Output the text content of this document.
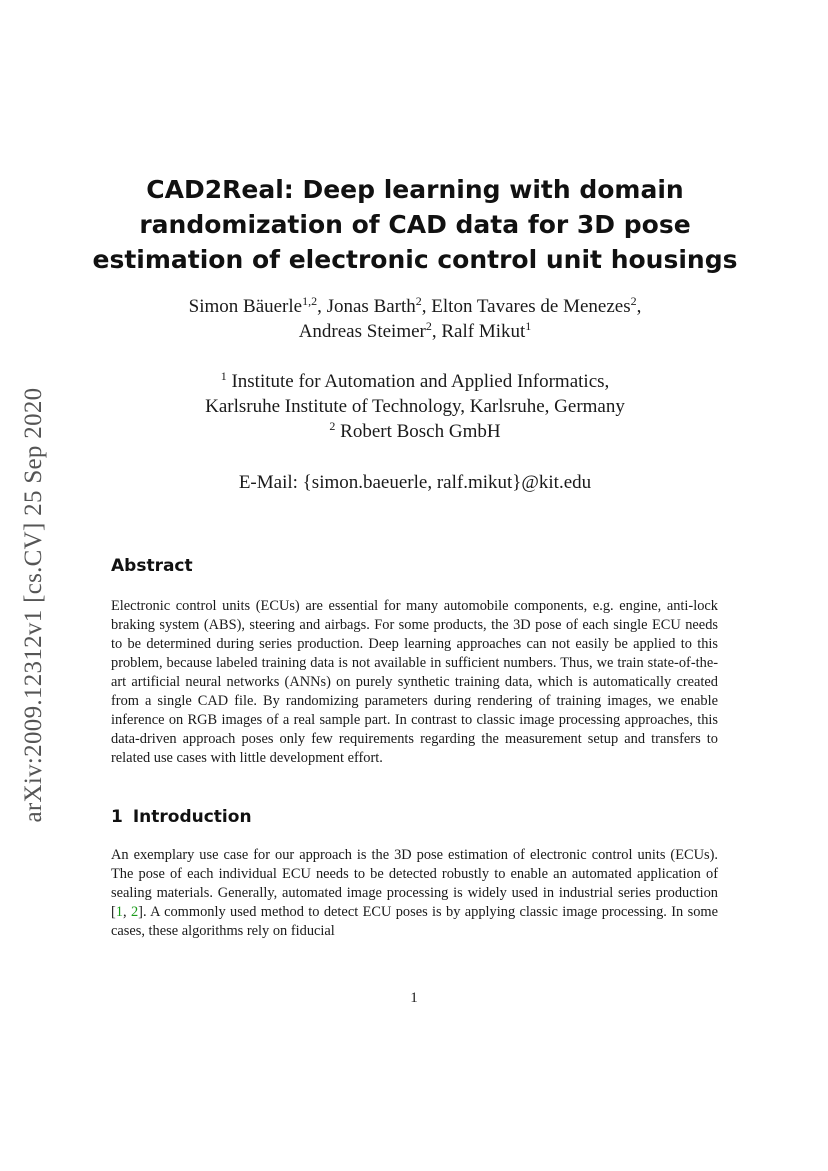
arXiv:2009.12312v1 [cs.CV] 25 Sep 2020
CAD2Real: Deep learning with domain
randomization of CAD data for 3D pose
estimation of electronic control unit housings
Simon Bäuerle$^{1,2}$, Jonas Barth$^2$, Elton Tavares de Menezes$^2$,
Andreas Steimer$^2$, Ralf Mikut$^1$
$^1$ Institute for Automation and Applied Informatics,
Karlsruhe Institute of Technology, Karlsruhe, Germany
$^2$ Robert Bosch GmbH
E-Mail: {simon.baeuerle, ralf.mikut}@kit.edu
Abstract

Electronic control units (ECUs) are essential for many automobile components, e.g. engine, anti-lock braking system (ABS), steering and airbags. For some products, the 3D pose of each single ECU needs to be determined during series production. Deep learning approaches can not easily be applied to this problem, because labeled training data is not available in sufficient numbers. Thus, we train state-of-the-art artificial neural networks (ANNs) on purely synthetic training data, which is automatically created from a single CAD file. By randomizing parameters during rendering of training images, we enable inference on RGB images of a real sample part. In contrast to classic image processing approaches, this data-driven approach poses only few requirements regarding the measurement setup and transfers to related use cases with little development effort.

1 Introduction

An exemplary use case for our approach is the 3D pose estimation of electronic control units (ECUs). The pose of each individual ECU needs to be detected robustly to enable an automated application of sealing materials. Generally, automated image processing is widely used in industrial series production [1, 2]. A commonly used method to detect ECU poses is by applying classic image processing. In some cases, these algorithms rely on fiducial

1
